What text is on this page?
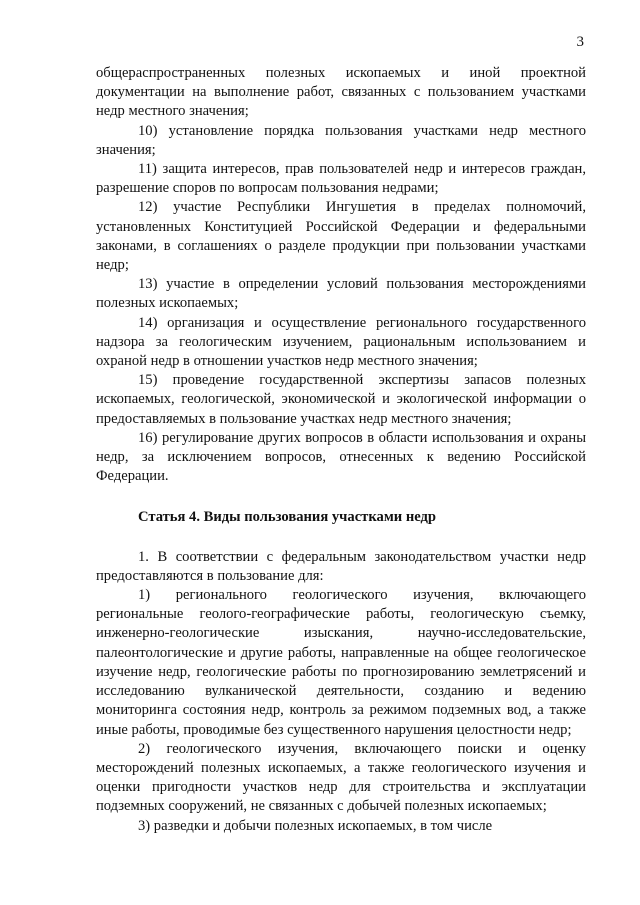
3

общераспространенных полезных ископаемых и иной проектной документации на выполнение работ, связанных с пользованием участками недр местного значения;

10) установление порядка пользования участками недр местного значения;

11) защита интересов, прав пользователей недр и интересов граждан, разрешение споров по вопросам пользования недрами;

12) участие Республики Ингушетия в пределах полномочий, установленных Конституцией Российской Федерации и федеральными законами, в соглашениях о разделе продукции при пользовании участками недр;

13) участие в определении условий пользования месторождениями полезных ископаемых;

14) организация и осуществление регионального государственного надзора за геологическим изучением, рациональным использованием и охраной недр в отношении участков недр местного значения;

15) проведение государственной экспертизы запасов полезных ископаемых, геологической, экономической и экологической информации о предоставляемых в пользование участках недр местного значения;

16) регулирование других вопросов в области использования и охраны недр, за исключением вопросов, отнесенных к ведению Российской Федерации.

Статья 4. Виды пользования участками недр

1. В соответствии с федеральным законодательством участки недр предоставляются в пользование для:

1) регионального геологического изучения, включающего региональные геолого-географические работы, геологическую съемку, инженерно-геологические изыскания, научно-исследовательские, палеонтологические и другие работы, направленные на общее геологическое изучение недр, геологические работы по прогнозированию землетрясений и исследованию вулканической деятельности, созданию и ведению мониторинга состояния недр, контроль за режимом подземных вод, а также иные работы, проводимые без существенного нарушения целостности недр;

2) геологического изучения, включающего поиски и оценку месторождений полезных ископаемых, а также геологического изучения и оценки пригодности участков недр для строительства и эксплуатации подземных сооружений, не связанных с добычей полезных ископаемых;

3) разведки и добычи полезных ископаемых, в том числе
